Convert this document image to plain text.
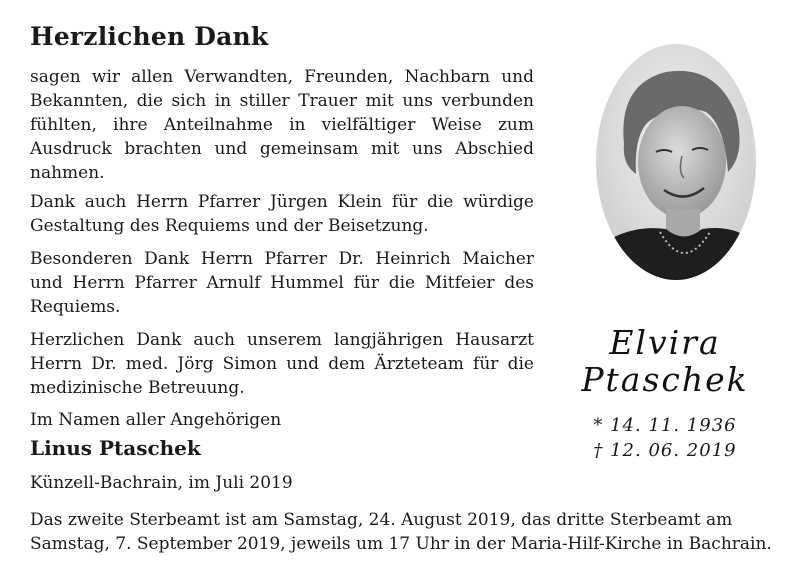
Herzlichen Dank

sagen wir allen Verwandten, Freunden, Nachbarn und Bekannten, die sich in stiller Trauer mit uns verbunden fühlten, ihre Anteilnahme in vielfältiger Weise zum Ausdruck brachten und gemeinsam mit uns Abschied nahmen.

Dank auch Herrn Pfarrer Jürgen Klein für die würdige Gestaltung des Requiems und der Beisetzung.

Besonderen Dank Herrn Pfarrer Dr. Heinrich Maicher und Herrn Pfarrer Arnulf Hummel für die Mitfeier des Requiems.

Herzlichen Dank auch unserem langjährigen Hausarzt Herrn Dr. med. Jörg Simon und dem Ärzteteam für die medizinische Betreuung.

Im Namen aller Angehörigen

Linus Ptaschek

Künzell-Bachrain, im Juli 2019

Das zweite Sterbeamt ist am Samstag, 24. August 2019, das dritte Sterbeamt am Samstag, 7. September 2019, jeweils um 17 Uhr in der Maria-Hilf-Kirche in Bachrain.

Elvira

Ptaschek

* 14. 11. 1936

† 12. 06. 2019
